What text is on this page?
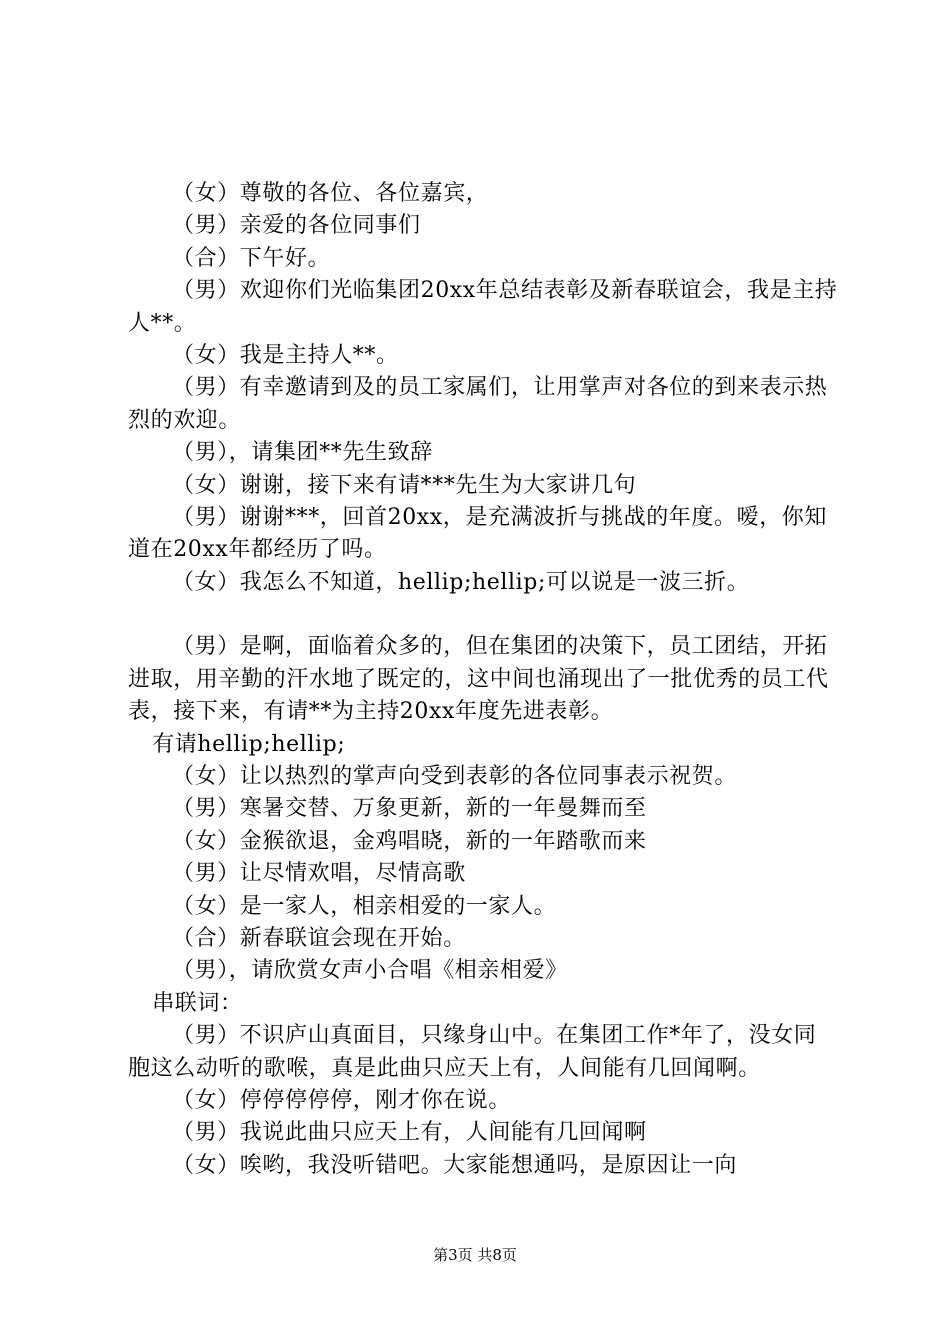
（女）尊敬的各位、各位嘉宾，

（男）亲爱的各位同事们

（合）下午好。

（男）欢迎你们光临集团20xx年总结表彰及新春联谊会，我是主持人**。

（女）我是主持人**。

（男）有幸邀请到及的员工家属们，让用掌声对各位的到来表示热烈的欢迎。

（男），请集团**先生致辞

（女）谢谢，接下来有请***先生为大家讲几句

（男）谢谢***，回首20xx，是充满波折与挑战的年度。嗳，你知道在20xx年都经历了吗。

（女）我怎么不知道，hellip;hellip;可以说是一波三折。

（男）是啊，面临着众多的，但在集团的决策下，员工团结，开拓进取，用辛勤的汗水地了既定的，这中间也涌现出了一批优秀的员工代表，接下来，有请**为主持20xx年度先进表彰。

有请hellip;hellip;

（女）让以热烈的掌声向受到表彰的各位同事表示祝贺。

（男）寒暑交替、万象更新，新的一年曼舞而至

（女）金猴欲退，金鸡唱晓，新的一年踏歌而来

（男）让尽情欢唱，尽情高歌

（女）是一家人，相亲相爱的一家人。

（合）新春联谊会现在开始。

（男），请欣赏女声小合唱《相亲相爱》

串联词：

（男）不识庐山真面目，只缘身山中。在集团工作*年了，没女同胞这么动听的歌喉，真是此曲只应天上有，人间能有几回闻啊。

（女）停停停停停，刚才你在说。

（男）我说此曲只应天上有，人间能有几回闻啊

（女）唉哟，我没听错吧。大家能想通吗，是原因让一向

第3页 共8页
